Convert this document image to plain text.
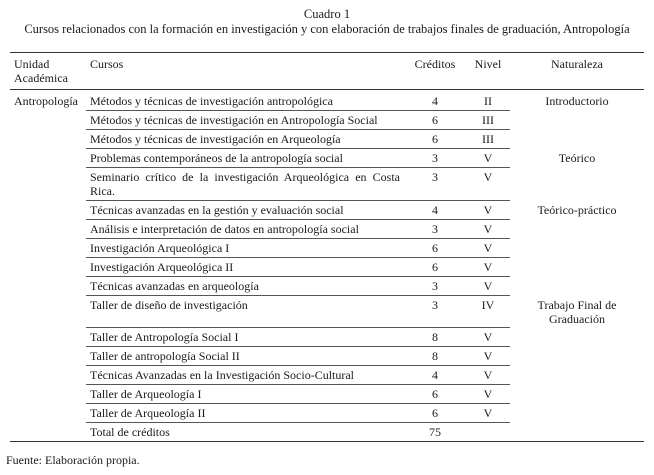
Cuadro 1
Cursos relacionados con la formación en investigación y con elaboración de trabajos finales de graduación, Antropología
Unidad Académica	Cursos	Créditos	Nivel	Naturaleza
Antropología	Métodos y técnicas de investigación antropológica	4	II	Introductorio
	Métodos y técnicas de investigación en Antropología Social	6	III	
	Métodos y técnicas de investigación en Arqueología	6	III	
	Problemas contemporáneos de la antropología social	3	V	Teórico
	Seminario crítico de la investigación Arqueológica en Costa Rica.	3	V	
	Técnicas avanzadas en la gestión y evaluación social	4	V	Teórico-práctico
	Análisis e interpretación de datos en antropología social	3	V	
	Investigación Arqueológica I	6	V	
	Investigación Arqueológica II	6	V	
	Técnicas avanzadas en arqueología	3	V	
	Taller de diseño de investigación	3	IV	Trabajo Final de Graduación
	Taller de Antropología Social I	8	V	
	Taller de antropología Social II	8	V	
	Técnicas Avanzadas en la Investigación Socio-Cultural	4	V	
	Taller de Arqueología I	6	V	
	Taller de Arqueología II	6	V	
	Total de créditos	75		
Fuente: Elaboración propia.
